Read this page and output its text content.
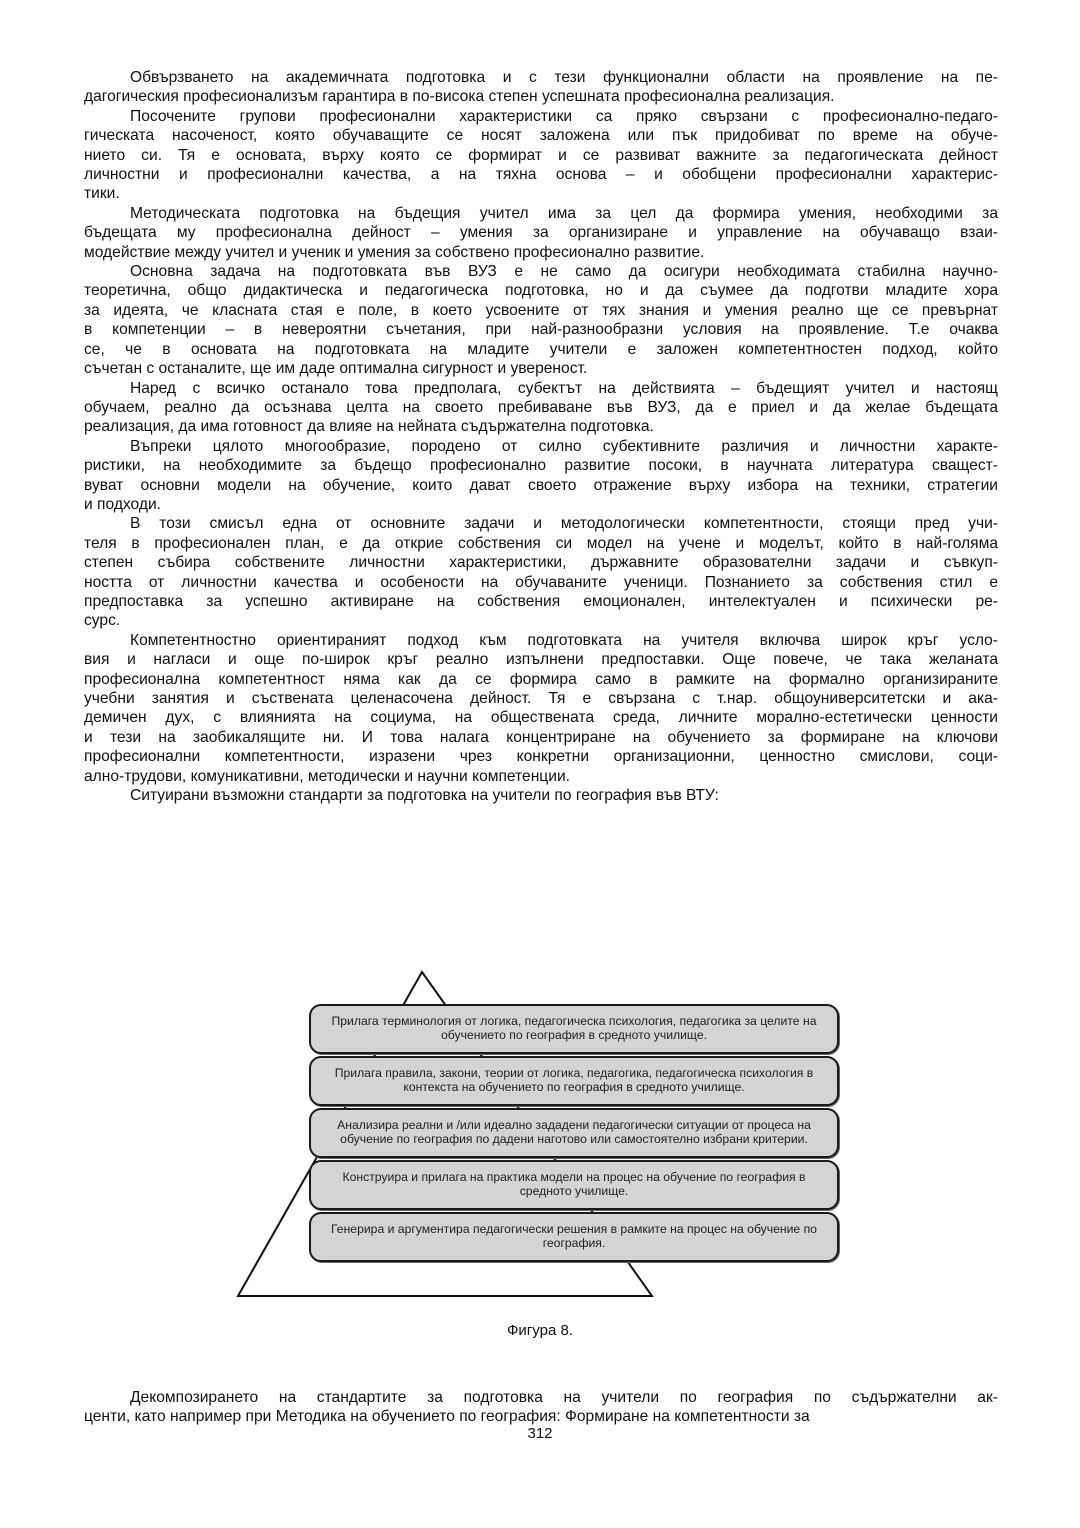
Обвързването на академичната подготовка и с тези функционални области на проявление на пе-
дагогическия професионализъм гарантира в по-висока степен успешната професионална реализация.

Посочените групови професионални характеристики са пряко свързани с професионално-педаго-
гическата насоченост, която обучаващите се носят заложена или пък придобиват по време на обуче-
нието си. Тя е основата, върху която се формират и се развиват важните за педагогическата дейност
личностни и професионални качества, а на тяхна основа – и обобщени професионални характерис-
тики.

Методическата подготовка на бъдещия учител има за цел да формира умения, необходими за
бъдещата му професионална дейност – умения за организиране и управление на обучаващо взаи-
модействие между учител и ученик и умения за собствено професионално развитие.

Основна задача на подготовката във ВУЗ е не само да осигури необходимата стабилна научно-
теоретична, общо дидактическа и педагогическа подготовка, но и да съумее да подготви младите хора
за идеята, че класната стая е поле, в което усвоените от тях знания и умения реално ще се превърнат
в компетенции – в невероятни съчетания, при най-разнообразни условия на проявление. Т.е очаква
се, че в основата на подготовката на младите учители е заложен компетентностен подход, който
съчетан с останалите, ще им даде оптимална сигурност и увереност.

Наред с всичко останало това предполага, субектът на действията – бъдещият учител и настоящ
обучаем, реално да осъзнава целта на своето пребиваване във ВУЗ, да е приел и да желае бъдещата
реализация, да има готовност да влияе на нейната съдържателна подготовка.

Въпреки цялото многообразие, породено от силно субективните различия и личностни характе-
ристики, на необходимите за бъдещо професионално развитие посоки, в научната литература сващест-
вуват основни модели на обучение, които дават своето отражение върху избора на техники, стратегии
и подходи.

В този смисъл една от основните задачи и методологически компетентности, стоящи пред учи-
теля в професионален план, е да открие собствения си модел на учене и моделът, който в най-голяма
степен събира собствените личностни характеристики, държавните образователни задачи и съвкуп-
ността от личностни качества и особености на обучаваните ученици. Познанието за собствения стил е
предпоставка за успешно активиране на собствения емоционален, интелектуален и психически ре-
сурс.

Компетентностно ориентираният подход към подготовката на учителя включва широк кръг усло-
вия и нагласи и още по-широк кръг реално изпълнени предпоставки. Още повече, че така желаната
професионална компетентност няма как да се формира само в рамките на формално организираните
учебни занятия и съствената целенасочена дейност. Тя е свързана с т.нар. общоуниверситетски и ака-
демичен дух, с влиянията на социума, на обществената среда, личните морално-естетически ценности
и тези на заобикалящите ни. И това налага концентриране на обучението за формиране на ключови
професионални компетентности, изразени чрез конкретни организационни, ценностно смислови, соци-
ално-трудови, комуникативни, методически и научни компетенции.

Ситуирани възможни стандарти за подготовка на учители по география във ВТУ:

Прилага терминология от логика, педагогическа психология, педагогика за целите на обучението по география в средното училище.
Прилага правила, закони, теории от логика, педагогика, педагогическа психология в контекста на обучението по география в средното училище.
Анализира реални и /или идеално зададени педагогически ситуации от процеса на обучение по география по дадени наготово или самостоятелно избрани критерии.
Конструира и прилага на практика модели на процес на обучение по география в средното училище.
Генерира и аргументира педагогически решения в рамките на процес на обучение по география.
Фигура 8.

Декомпозирането на стандартите за подготовка на учители по география по съдържателни ак-
центи, като например при Методика на обучението по география: Формиране на компетентности за

312
